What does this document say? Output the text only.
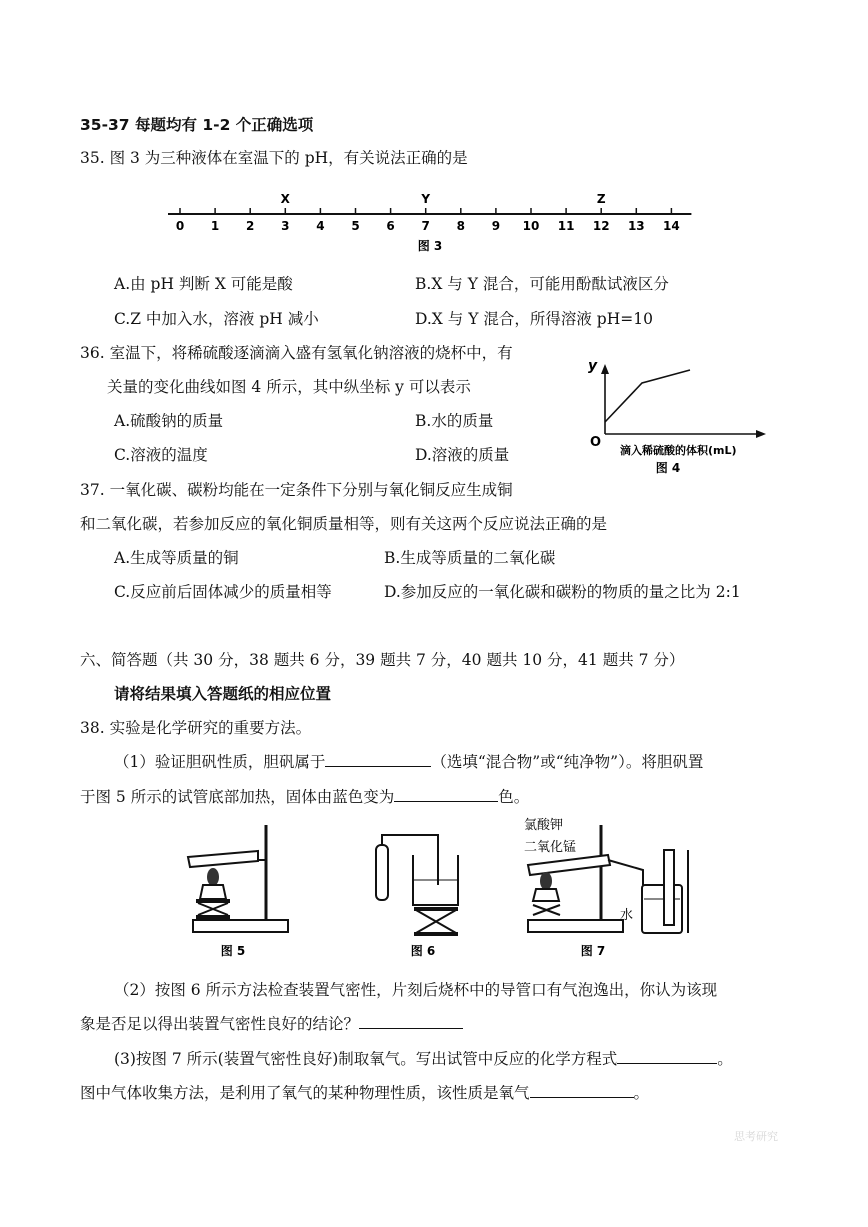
35-37 每题均有 1-2 个正确选项
35. 图 3 为三种液体在室温下的 pH，有关说法正确的是
0 1 2 3 4 5 6 7 8 9 10 11 12 13 14
X	Y	Z
图 3
A.由 pH 判断 X 可能是酸	B.X 与 Y 混合，可能用酚酞试液区分
C.Z 中加入水，溶液 pH 减小	D.X 与 Y 混合，所得溶液 pH=10
36. 室温下，将稀硫酸逐滴滴入盛有氢氧化钠溶液的烧杯中，有
关量的变化曲线如图 4 所示，其中纵坐标 y 可以表示
A.硫酸钠的质量	B.水的质量
C.溶液的温度	D.溶液的质量
y
O
滴入稀硫酸的体积(mL)
图 4
37. 一氧化碳、碳粉均能在一定条件下分别与氧化铜反应生成铜
和二氧化碳，若参加反应的氧化铜质量相等，则有关这两个反应说法正确的是
A.生成等质量的铜	B.生成等质量的二氧化碳
C.反应前后固体减少的质量相等	D.参加反应的一氧化碳和碳粉的物质的量之比为 2:1
六、简答题（共 30 分，38 题共 6 分，39 题共 7 分，40 题共 10 分，41 题共 7 分）
请将结果填入答题纸的相应位置
38. 实验是化学研究的重要方法。
（1）验证胆矾性质，胆矾属于	（选填“混合物”或“纯净物”）。将胆矾置
于图 5 所示的试管底部加热，固体由蓝色变为	色。
图 5	图 6
氯酸钾
二氧化锰
水
图 7
（2）按图 6 所示方法检查装置气密性，片刻后烧杯中的导管口有气泡逸出，你认为该现
象是否足以得出装置气密性良好的结论？
(3)按图 7 所示(装置气密性良好)制取氧气。写出试管中反应的化学方程式	。
图中气体收集方法，是利用了氧气的某种物理性质，该性质是氧气	。
思考研究
